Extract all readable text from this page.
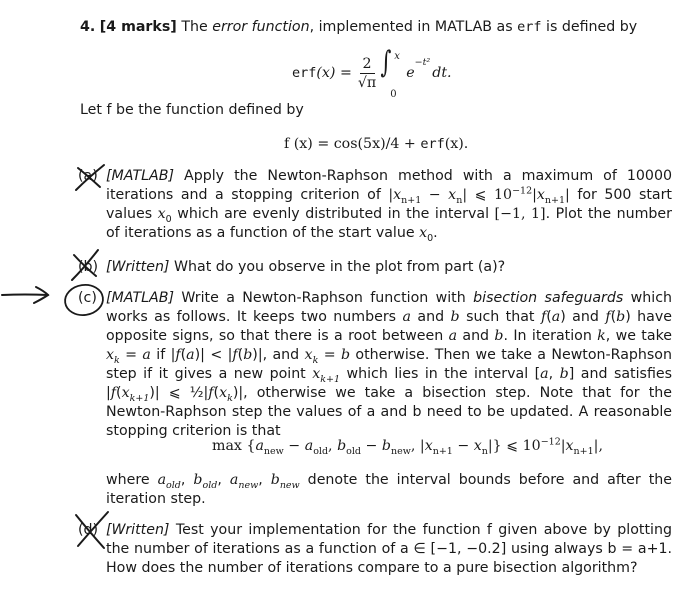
4. [4 marks] The error function, implemented in MATLAB as erf is defined by
erf $(x) = \frac{2}{√\pi}$ ∫ x
0
$e^{-t^2}$
dt.
Let f be the function defined by
f (x) = cos(5x)/4 + erf(x).
(a) [MATLAB] Apply the Newton-Raphson method with a maximum of 10000 iterations and a stopping criterion of $|x_{n+1} - x_n|$ ⩽ $10^{-12}|x_{n+1}|$ for 500 start values $x_0$ which are evenly distributed in the interval [−1, 1]. Plot the number of iterations as a function of the start value $x_0$.
(b) [Written] What do you observe in the plot from part (a)?
(c) [MATLAB] Write a Newton-Raphson function with bisection safeguards which works as follows. It keeps two numbers a and b such that f(a) and f(b) have opposite signs, so that there is a root between a and b. In iteration k, we take $x_k = a$ if |f(a)| < |f(b)|, and $x_k = b$ otherwise. Then we take a Newton-Raphson step if it gives a new point $x_{k+1}$ which lies in the interval [a, b] and satisfies $|f(x_{k+1})|$ ⩽ $\frac{1}{2}|f(x_k)|$, otherwise we take a bisection step. Note that for the Newton-Raphson step the values of a and b need to be updated. A reasonable stopping criterion is that
$\max \{a_{new} - a_{old}$, $b_{old} - b_{new}$, $|x_{n+1} - x_n|$} ⩽ $10^{-12}|x_{n+1}|$,
where $a_{old}$, $b_{old}$, $a_{new}$, $b_{new}$ denote the interval bounds before and after the iteration step.
(d) [Written] Test your implementation for the function f given above by plotting the number of iterations as a function of a ∈ [−1, −0.2] using always b = a+1. How does the number of iterations compare to a pure bisection algorithm?
